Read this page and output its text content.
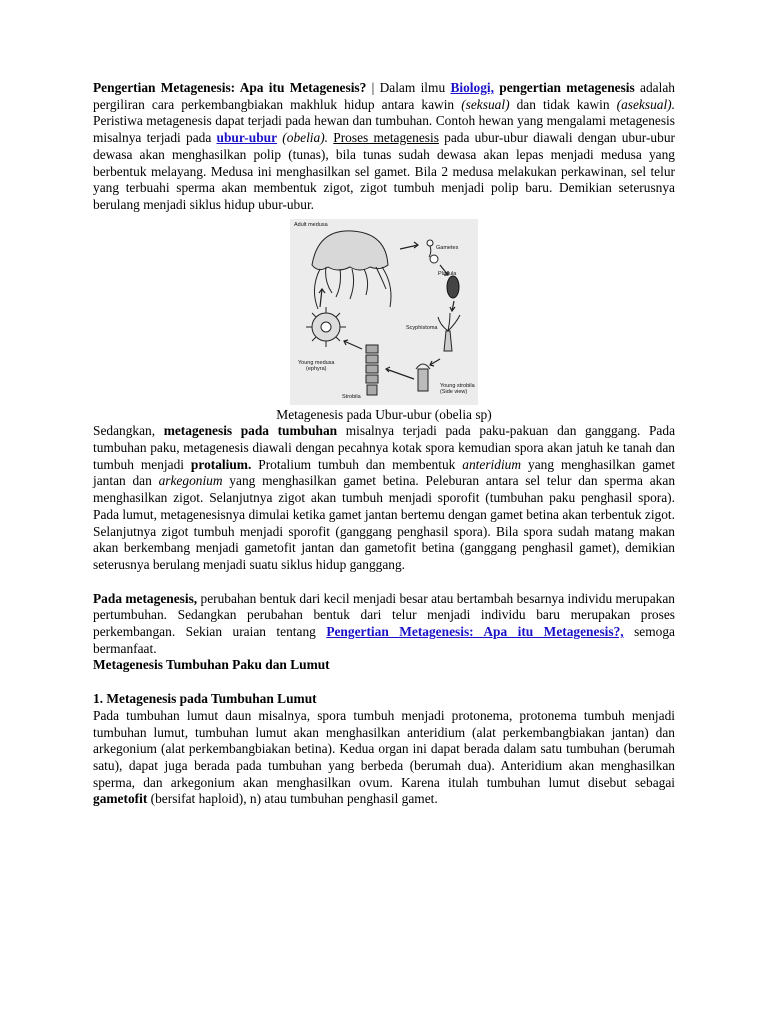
Pengertian Metagenesis: Apa itu Metagenesis? | Dalam ilmu Biologi, pengertian metagenesis adalah pergiliran cara perkembangbiakan makhluk hidup antara kawin (seksual) dan tidak kawin (aseksual). Peristiwa metagenesis dapat terjadi pada hewan dan tumbuhan. Contoh hewan yang mengalami metagenesis misalnya terjadi pada ubur-ubur (obelia). Proses metagenesis pada ubur-ubur diawali dengan ubur-ubur dewasa akan menghasilkan polip (tunas), bila tunas sudah dewasa akan lepas menjadi medusa yang berbentuk melayang. Medusa ini menghasilkan sel gamet. Bila 2 medusa melakukan perkawinan, sel telur yang terbuahi sperma akan membentuk zigot, zigot tumbuh menjadi polip baru. Demikian seterusnya berulang menjadi siklus hidup ubur-ubur.

Adult medusa
Gametes
Planula
Scyphistoma
Young strobila
(Side view)
Young medusa
(ephyra)
Strobila
Metagenesis pada Ubur-ubur (obelia sp)

Sedangkan, metagenesis pada tumbuhan misalnya terjadi pada paku-pakuan dan ganggang. Pada tumbuhan paku, metagenesis diawali dengan pecahnya kotak spora kemudian spora akan jatuh ke tanah dan tumbuh menjadi protalium. Protalium tumbuh dan membentuk anteridium yang menghasilkan gamet jantan dan arkegonium yang menghasilkan gamet betina. Peleburan antara sel telur dan sperma akan menghasilkan zigot. Selanjutnya zigot akan tumbuh menjadi sporofit (tumbuhan paku penghasil spora). Pada lumut, metagenesisnya dimulai ketika gamet jantan bertemu dengan gamet betina akan terbentuk zigot. Selanjutnya zigot tumbuh menjadi sporofit (ganggang penghasil spora). Bila spora sudah matang makan akan berkembang menjadi gametofit jantan dan gametofit betina (ganggang penghasil gamet), demikian seterusnya berulang menjadi suatu siklus hidup ganggang.

Pada metagenesis, perubahan bentuk dari kecil menjadi besar atau bertambah besarnya individu merupakan pertumbuhan. Sedangkan perubahan bentuk dari telur menjadi individu baru merupakan proses perkembangan. Sekian uraian tentang Pengertian Metagenesis: Apa itu Metagenesis?, semoga bermanfaat.

Metagenesis Tumbuhan Paku dan Lumut

1. Metagenesis pada Tumbuhan Lumut

Pada tumbuhan lumut daun misalnya, spora tumbuh menjadi protonema, protonema tumbuh menjadi tumbuhan lumut, tumbuhan lumut akan menghasilkan anteridium (alat perkembangbiakan jantan) dan arkegonium (alat perkembangbiakan betina). Kedua organ ini dapat berada dalam satu tumbuhan (berumah satu), dapat juga berada pada tumbuhan yang berbeda (berumah dua). Anteridium akan menghasilkan sperma, dan arkegonium akan menghasilkan ovum. Karena itulah tumbuhan lumut disebut sebagai gametofit (bersifat haploid), n) atau tumbuhan penghasil gamet.
